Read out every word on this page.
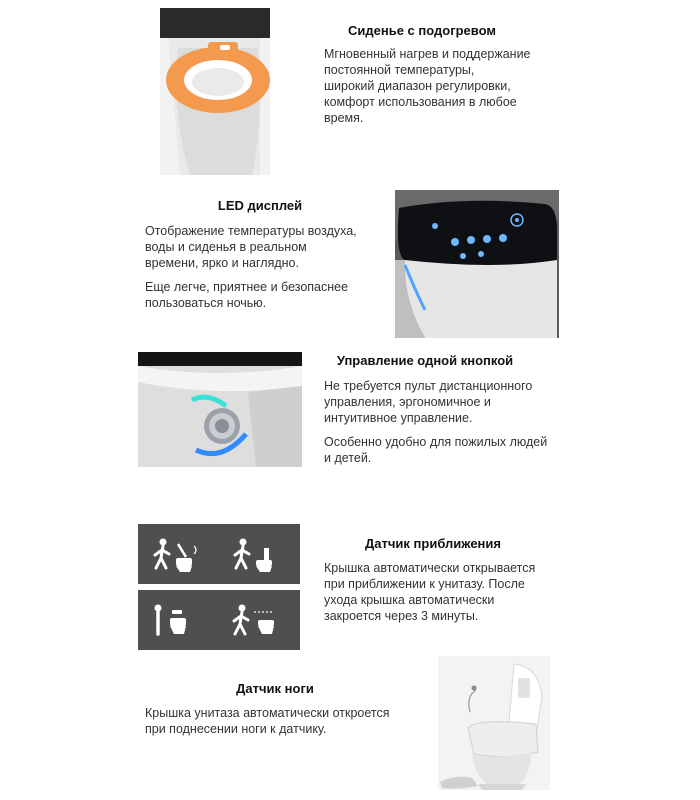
Сиденье с подогревом
Мгновенный нагрев и поддержание
постоянной температуры,
широкий диапазон регулировки,
комфорт использования в любое
время.
LED дисплей
Отображение температуры воздуха,
воды и сиденья в реальном
времени, ярко и наглядно.
Еще легче, приятнее и безопаснее
пользоваться ночью.
Управление одной кнопкой
Не требуется пульт дистанционного
управления, эргономичное и
интуитивное управление.
Особенно удобно для пожилых людей
и детей.
Датчик приближения
Крышка автоматически открывается
при приближении к унитазу. После
ухода крышка автоматически
закроется через 3 минуты.
Датчик ноги
Крышка унитаза автоматически откроется
при поднесении ноги к датчику.
